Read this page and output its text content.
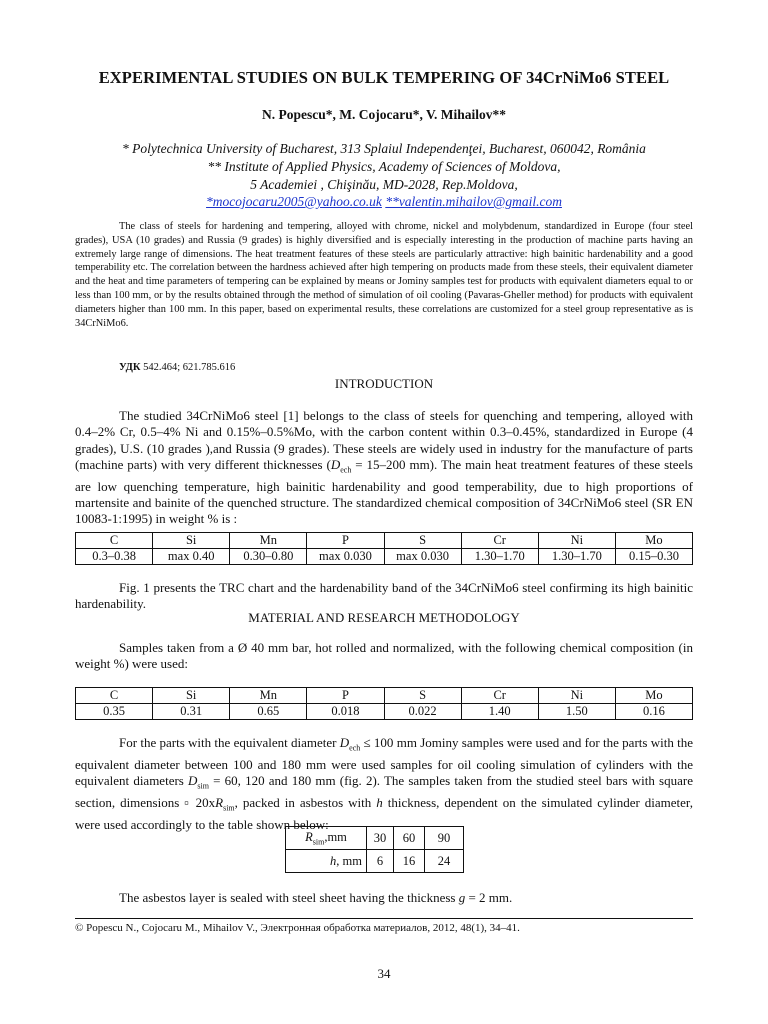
EXPERIMENTAL STUDIES ON BULK TEMPERING OF 34CrNiMo6 STEEL
N. Popescu*, M. Cojocaru*, V. Mihailov**
* Polytechnica University of Bucharest, 313 Splaiul Independenţei, Bucharest, 060042, România
** Institute of Applied Physics, Academy of Sciences of Moldova,
5 Academiei , Chişinău, MD-2028, Rep.Moldova,
*mocojocaru2005@yahoo.co.uk **valentin.mihailov@gmail.com
The class of steels for hardening and tempering, alloyed with chrome, nickel and molybdenum, standardized in Europe (four steel grades), USA (10 grades) and Russia (9 grades) is highly diversified and is especially interesting in the production of machine parts having an extremely large range of dimensions. The heat treatment features of these steels are particularly attractive: high bainitic hardenability and a good temperability etc. The correlation between the hardness achieved after high tempering on products made from these steels, their equivalent diameter and the heat and time parameters of tempering can be explained by means or Jominy samples test for products with equivalent diameters equal to or less than 100 mm, or by the results obtained through the method of simulation of oil cooling (Pavaras-Gheller method) for products with equivalent diameters higher than 100 mm. In this paper, based on experimental results, these correlations are customized for a steel group representative as is 34CrNiMo6.
УДК 542.464; 621.785.616
INTRODUCTION
The studied 34CrNiMo6 steel [1] belongs to the class of steels for quenching and tempering, alloyed with 0.4–2% Cr, 0.5–4% Ni and 0.15%–0.5%Mo, with the carbon content within 0.3–0.45%, standardized in Europe (4 grades), U.S. (10 grades ),and Russia (9 grades). These steels are widely used in industry for the manufacture of parts (machine parts) with very different thicknesses ($D_{ech} = 15-200$ mm). The main heat treatment features of these steels are low quenching temperature, high bainitic hardenability and good temperability, due to high proportions of martensite and bainite of the quenched structure. The standardized chemical composition of 34CrNiMo6 steel (SR EN 10083-1:1995) in weight % is :
C	Si	Mn	P	S	Cr	Ni	Mo
0.3–0.38	max 0.40	0.30–0.80	max 0.030	max 0.030	1.30–1.70	1.30–1.70	0.15–0.30
Fig. 1 presents the TRC chart and the hardenability band of the 34CrNiMo6 steel confirming its high bainitic hardenability.
MATERIAL AND RESEARCH METHODOLOGY
Samples taken from a Ø 40 mm bar, hot rolled and normalized, with the following chemical composition (in weight %) were used:
C	Si	Mn	P	S	Cr	Ni	Mo
0.35	0.31	0.65	0.018	0.022	1.40	1.50	0.16
For the parts with the equivalent diameter $D_{ech} \le 100$ mm Jominy samples were used and for the parts with the equivalent diameter between 100 and 180 mm were used samples for oil cooling simulation of cylinders with the equivalent diameters $D_{sim} = 60$, 120 and 180 mm (fig. 2). The samples taken from the studied steel bars with square section, dimensions ▫ $20xR_{sim}$, packed in asbestos with h thickness, dependent on the simulated cylinder diameter, were used accordingly to the table shown below:
$R_{sim},mm$	30	60	90
h, mm	6	16	24
The asbestos layer is sealed with steel sheet having the thickness g = 2 mm.
© Popescu N., Cojocaru M., Mihailov V., Электронная обработка материалов, 2012, 48(1), 34–41.
34
